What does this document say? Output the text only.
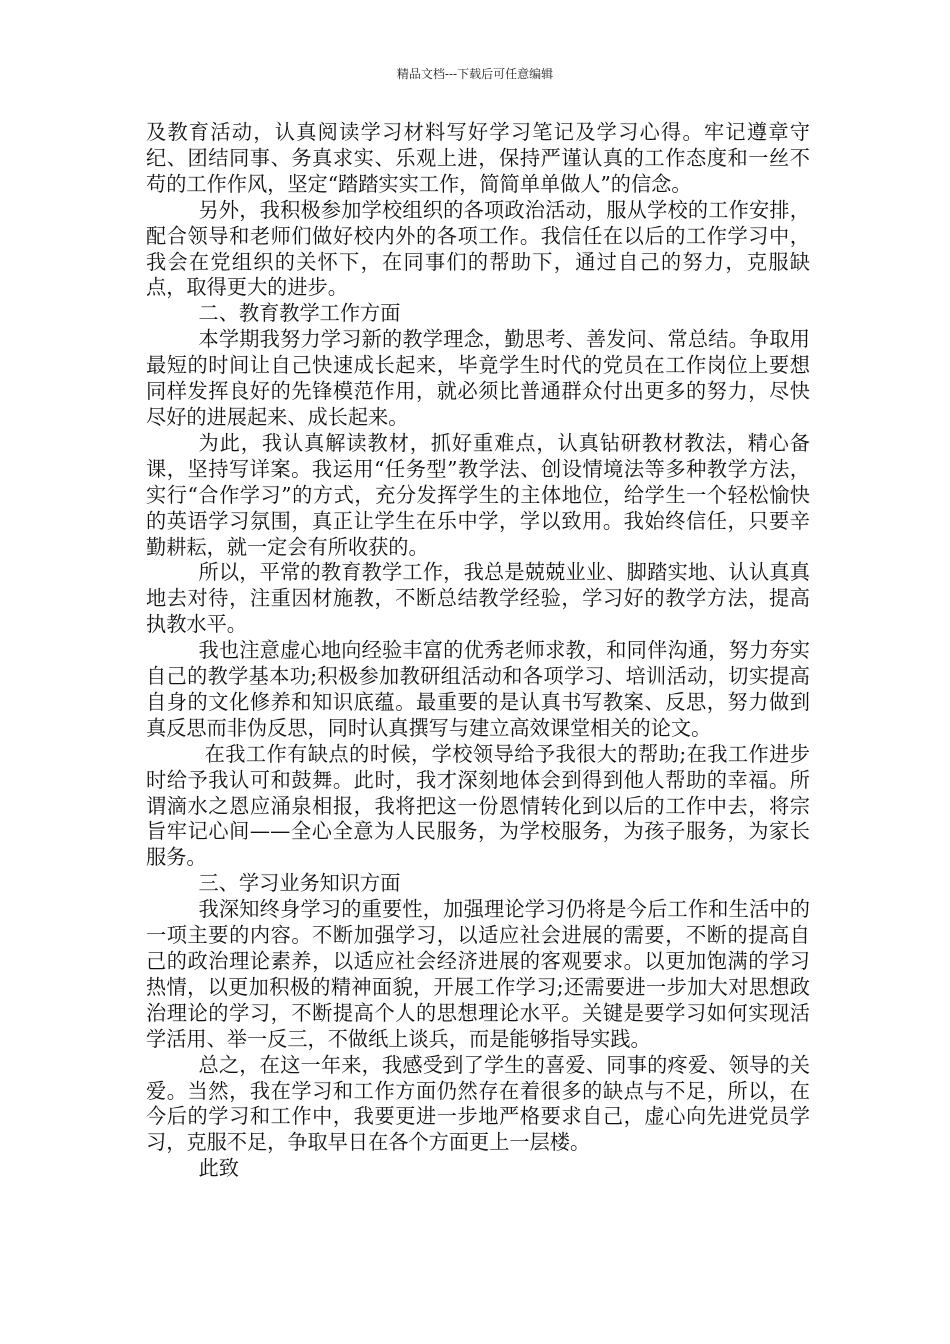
精品文档---下载后可任意编辑

及教育活动，认真阅读学习材料写好学习笔记及学习心得。牢记遵章守纪、团结同事、务真求实、乐观上进，保持严谨认真的工作态度和一丝不苟的工作作风，坚定“踏踏实实工作，简简单单做人”的信念。

另外，我积极参加学校组织的各项政治活动，服从学校的工作安排，配合领导和老师们做好校内外的各项工作。我信任在以后的工作学习中，我会在党组织的关怀下，在同事们的帮助下，通过自己的努力，克服缺点，取得更大的进步。

二、教育教学工作方面

本学期我努力学习新的教学理念，勤思考、善发问、常总结。争取用最短的时间让自己快速成长起来，毕竟学生时代的党员在工作岗位上要想同样发挥良好的先锋模范作用，就必须比普通群众付出更多的努力，尽快尽好的进展起来、成长起来。

为此，我认真解读教材，抓好重难点，认真钻研教材教法，精心备课，坚持写详案。我运用“任务型”教学法、创设情境法等多种教学方法，实行“合作学习”的方式，充分发挥学生的主体地位，给学生一个轻松愉快的英语学习氛围，真正让学生在乐中学，学以致用。我始终信任，只要辛勤耕耘，就一定会有所收获的。

所以，平常的教育教学工作，我总是兢兢业业、脚踏实地、认认真真地去对待，注重因材施教，不断总结教学经验，学习好的教学方法，提高执教水平。

我也注意虚心地向经验丰富的优秀老师求教，和同伴沟通，努力夯实自己的教学基本功;积极参加教研组活动和各项学习、培训活动，切实提高自身的文化修养和知识底蕴。最重要的是认真书写教案、反思，努力做到真反思而非伪反思，同时认真撰写与建立高效课堂相关的论文。

在我工作有缺点的时候，学校领导给予我很大的帮助;在我工作进步时给予我认可和鼓舞。此时，我才深刻地体会到得到他人帮助的幸福。所谓滴水之恩应涌泉相报，我将把这一份恩情转化到以后的工作中去，将宗旨牢记心间——全心全意为人民服务，为学校服务，为孩子服务，为家长服务。

三、学习业务知识方面

我深知终身学习的重要性，加强理论学习仍将是今后工作和生活中的一项主要的内容。不断加强学习，以适应社会进展的需要，不断的提高自己的政治理论素养，以适应社会经济进展的客观要求。以更加饱满的学习热情，以更加积极的精神面貌，开展工作学习;还需要进一步加大对思想政治理论的学习，不断提高个人的思想理论水平。关键是要学习如何实现活学活用、举一反三，不做纸上谈兵，而是能够指导实践。

总之，在这一年来，我感受到了学生的喜爱、同事的疼爱、领导的关爱。当然，我在学习和工作方面仍然存在着很多的缺点与不足，所以，在今后的学习和工作中，我要更进一步地严格要求自己，虚心向先进党员学习，克服不足，争取早日在各个方面更上一层楼。

此致
